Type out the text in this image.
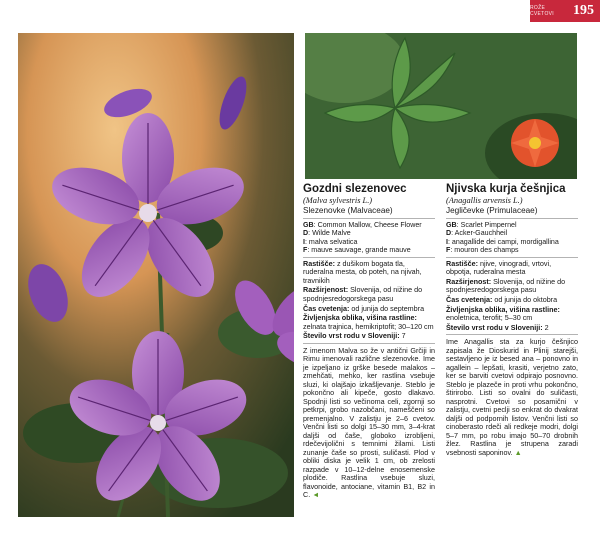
ROŽE CVETOVI	195
Gozdni slezenovec
(Malva sylvestris L.)
Slezenovke (Malvaceae)
GB: Common Mallow, Cheese Flower
D: Wilde Malve
I: malva selvatica
F: mauve sauvage, grande mauve
Rastišče: z dušikom bogata tla, ruderalna mesta, ob poteh, na njivah, travnikih
Razširjenost: Slovenija, od nižine do spodnjesredogorskega pasu
Čas cvetenja: od junija do septembra
Življenjska oblika, višina rastline: zelnata trajnica, hemikriptofit; 30–120 cm
Število vrst rodu v Sloveniji: 7
Z imenom Malva so že v antični Grčiji in Rimu imenovali različne slezenovke. Ime je izpeljano iz grške besede malakos – zmehčati, mehko, ker rastlina vsebuje sluzi, ki olajšajo izkašljevanje. Steblo je pokončno ali kipeče, gosto dlakavo. Spodnji listi so večinoma celi, zgornji so petkrpi, grobo nazobčani, nameščeni so premenjalno. V zalistju je 2–6 cvetov. Venčni listi so dolgi 15–30 mm, 3–4-krat daljši od čaše, globoko izrobljeni, rdečevijolični s temnimi žilami. Listi zunanje čaše so prosti, suličasti. Plod v obliki diska je velik 1 cm, ob zrelosti razpade v 10–12-delne enosemenske plodiče. Rastlina vsebuje sluzi, flavonoide, antociane, vitamin B1, B2 in C. ◄
Njivska kurja češnjica
(Anagallis arvensis L.)
Jegličevke (Primulaceae)
GB: Scarlet Pimpernel
D: Acker-Gauchheil
I: anagallide dei campi, mordigallina
F: mouron des champs
Rastišče: njive, vinogradi, vrtovi, obpotja, ruderalna mesta
Razširjenost: Slovenija, od nižine do spodnjesredogorskega pasu
Čas cvetenja: od junija do oktobra
Življenjska oblika, višina rastline: enoletnica, terofit; 5–30 cm
Število vrst rodu v Sloveniji: 2
Ime Anagallis sta za kurjo češnjico zapisala že Dioskurid in Plinij starejši, sestavljeno je iz besed ana – ponovno in agallein – lepšati, krasiti, verjetno zato, ker se barviti cvetovi odpirajo posnovno. Steblo je plazeče in proti vrhu pokončno, štirirobo. Listi so ovalni do suličasti, nasprotni. Cvetovi so posamični v zalistju, cvetni peclji so enkrat do dvakrat daljši od podpornih listov. Venčni listi so cinoberasto rdeči ali redkeje modri, dolgi 5–7 mm, po robu imajo 50–70 drobnih žlez. Rastlina je strupena zaradi vsebnosti saponinov. ▲
